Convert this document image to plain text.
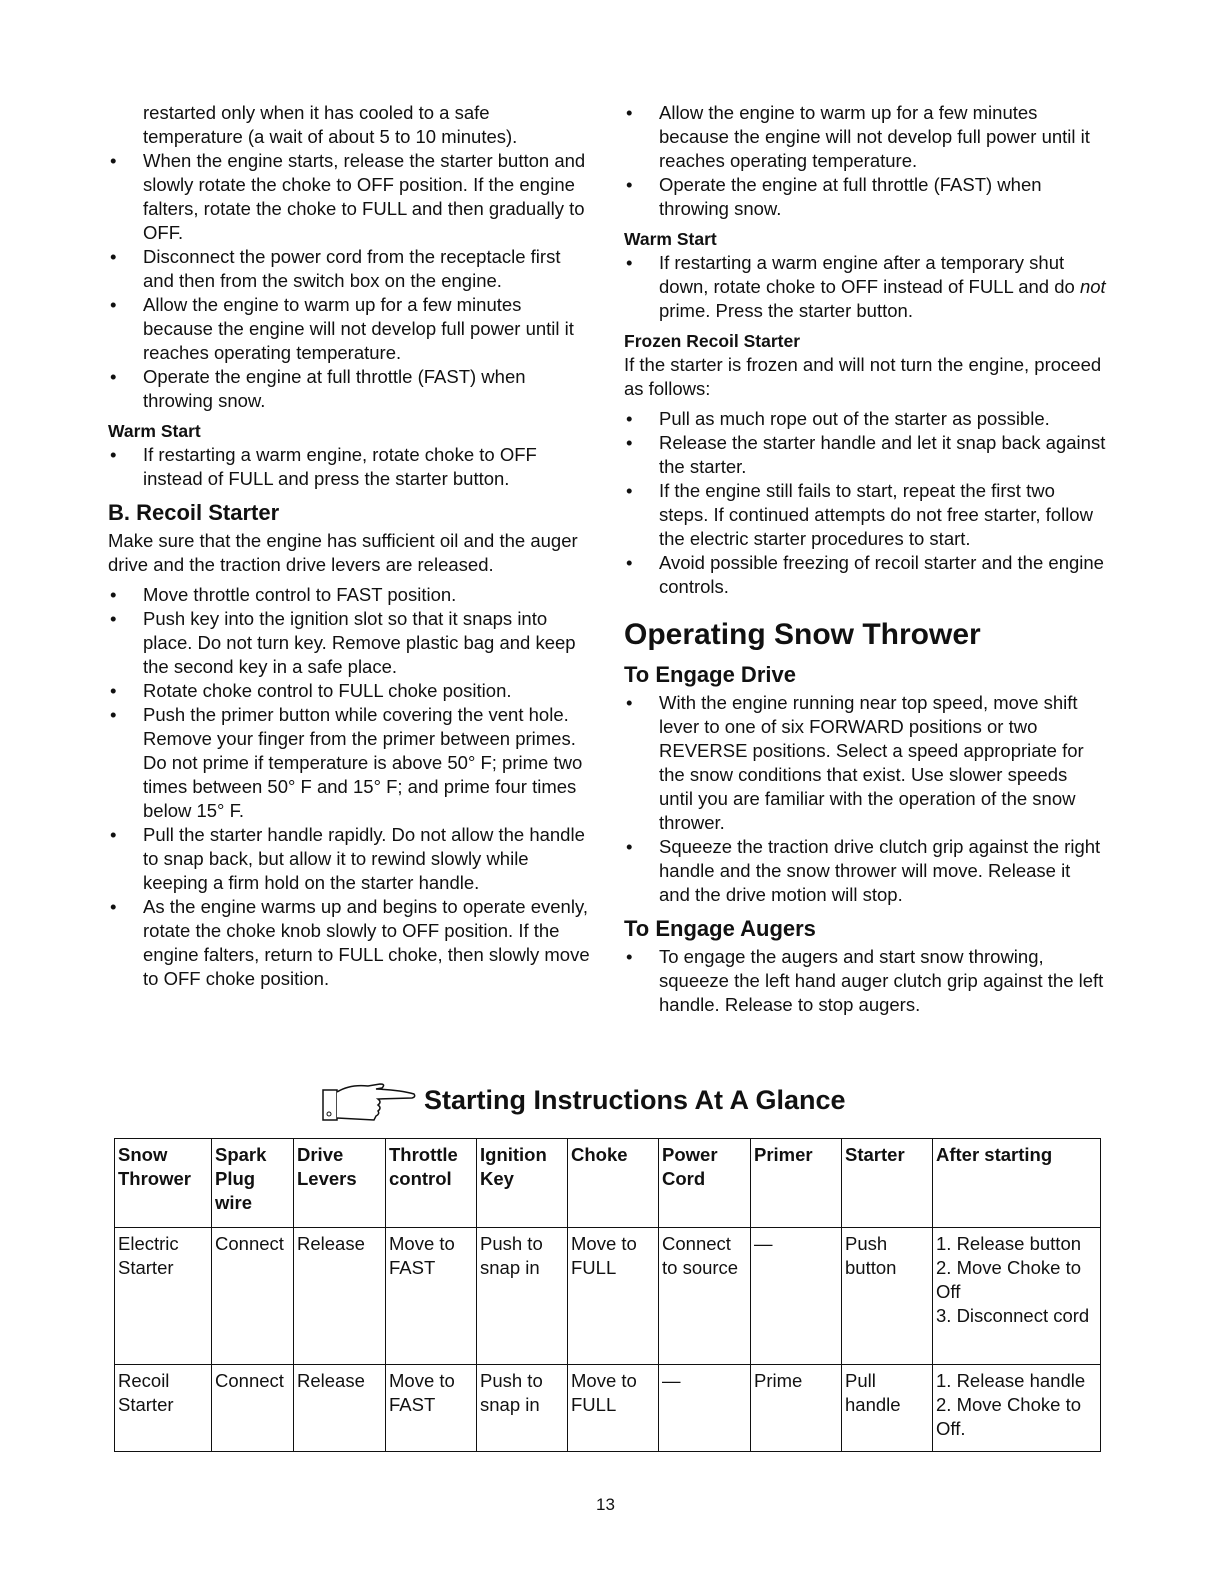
restarted only when it has cooled to a safe temperature (a wait of about 5 to 10 minutes).

• When the engine starts, release the starter button and slowly rotate the choke to OFF position. If the engine falters, rotate the choke to FULL and then gradually to OFF.

• Disconnect the power cord from the receptacle first and then from the switch box on the engine.

• Allow the engine to warm up for a few minutes because the engine will not develop full power until it reaches operating temperature.

• Operate the engine at full throttle (FAST) when throwing snow.

Warm Start

• If restarting a warm engine, rotate choke to OFF instead of FULL and press the starter button.

B. Recoil Starter

Make sure that the engine has sufficient oil and the auger drive and the traction drive levers are released.

• Move throttle control to FAST position.

• Push key into the ignition slot so that it snaps into place. Do not turn key. Remove plastic bag and keep the second key in a safe place.

• Rotate choke control to FULL choke position.

• Push the primer button while covering the vent hole. Remove your finger from the primer between primes. Do not prime if temperature is above 50° F; prime two times between 50° F and 15° F; and prime four times below 15° F.

• Pull the starter handle rapidly. Do not allow the handle to snap back, but allow it to rewind slowly while keeping a firm hold on the starter handle.

• As the engine warms up and begins to operate evenly, rotate the choke knob slowly to OFF position. If the engine falters, return to FULL choke, then slowly move to OFF choke position.

• Allow the engine to warm up for a few minutes because the engine will not develop full power until it reaches operating temperature.

• Operate the engine at full throttle (FAST) when throwing snow.

Warm Start

• If restarting a warm engine after a temporary shut down, rotate choke to OFF instead of FULL and do not prime. Press the starter button.

Frozen Recoil Starter

If the starter is frozen and will not turn the engine, proceed as follows:

• Pull as much rope out of the starter as possible.

• Release the starter handle and let it snap back against the starter.

• If the engine still fails to start, repeat the first two steps. If continued attempts do not free starter, follow the electric starter procedures to start.

• Avoid possible freezing of recoil starter and the engine controls.

Operating Snow Thrower

To Engage Drive

• With the engine running near top speed, move shift lever to one of six FORWARD positions or two REVERSE positions. Select a speed appropriate for the snow conditions that exist. Use slower speeds until you are familiar with the operation of the snow thrower.

• Squeeze the traction drive clutch grip against the right handle and the snow thrower will move. Release it and the drive motion will stop.

To Engage Augers

• To engage the augers and start snow throwing, squeeze the left hand auger clutch grip against the left handle. Release to stop augers.

Starting Instructions At A Glance
Snow Thrower	Spark Plug wire	Drive Levers	Throttle control	Ignition Key	Choke	Power Cord	Primer	Starter	After starting
Electric Starter	Connect	Release	Move to FAST	Push to snap in	Move to FULL	Connect to source	—	Push button	1. Release button
2. Move Choke to Off
3. Disconnect cord
Recoil Starter	Connect	Release	Move to FAST	Push to snap in	Move to FULL	—	Prime	Pull handle	1. Release handle
2. Move Choke to Off.
13
